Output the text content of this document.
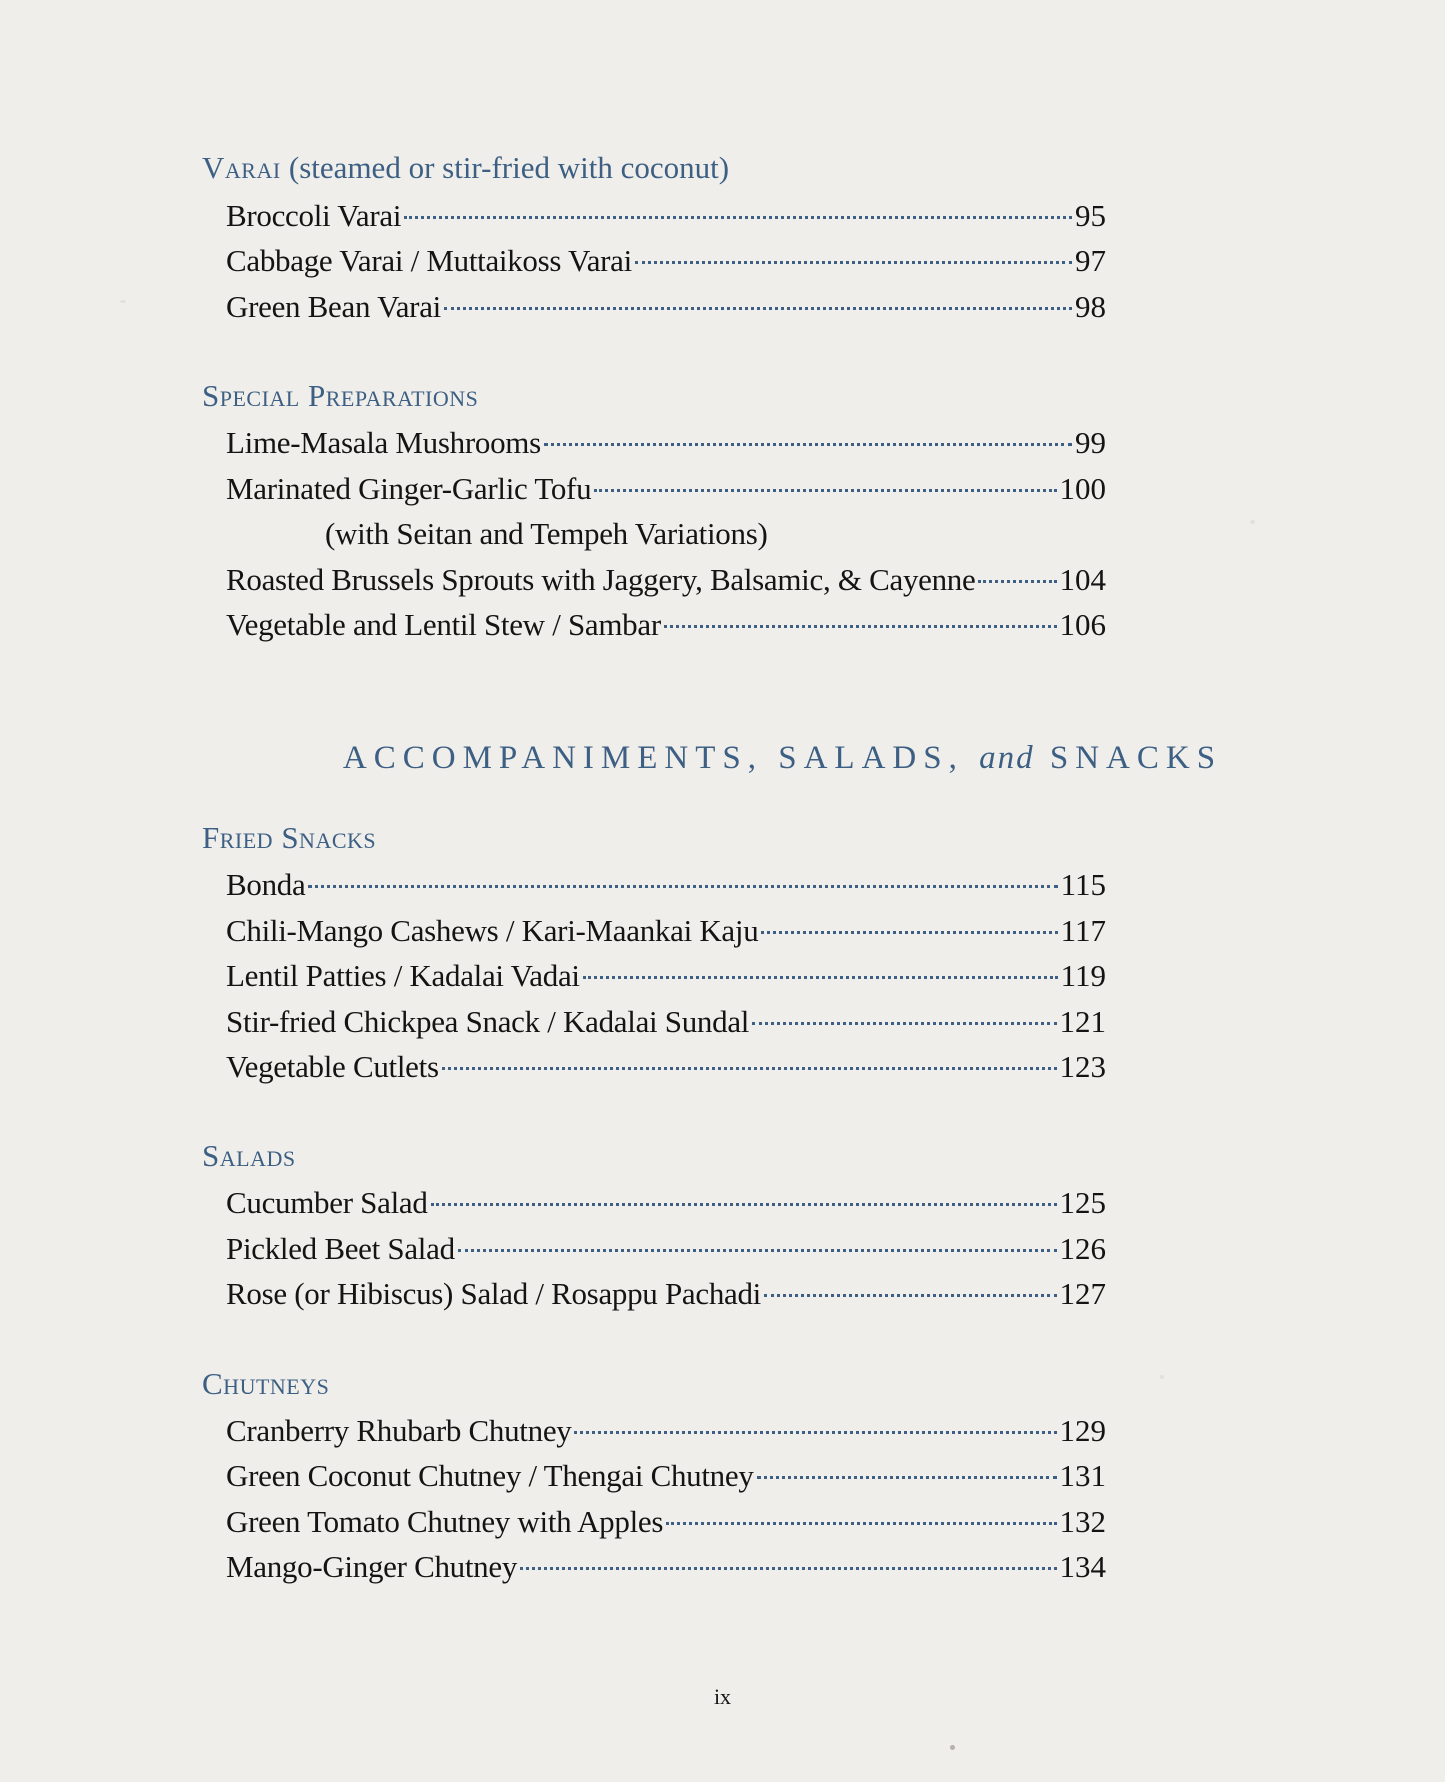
Varai (steamed or stir-fried with coconut)
Broccoli Varai	95
Cabbage Varai / Muttaikoss Varai	97
Green Bean Varai	98
Special Preparations
Lime-Masala Mushrooms	99
Marinated Ginger-Garlic Tofu	100
(with Seitan and Tempeh Variations)
Roasted Brussels Sprouts with Jaggery, Balsamic, & Cayenne	104
Vegetable and Lentil Stew / Sambar	106
ACCOMPANIMENTS, SALADS, and SNACKS
Fried Snacks
Bonda	115
Chili-Mango Cashews / Kari-Maankai Kaju	117
Lentil Patties / Kadalai Vadai	119
Stir-fried Chickpea Snack / Kadalai Sundal	121
Vegetable Cutlets	123
Salads
Cucumber Salad	125
Pickled Beet Salad	126
Rose (or Hibiscus) Salad / Rosappu Pachadi	127
Chutneys
Cranberry Rhubarb Chutney	129
Green Coconut Chutney / Thengai Chutney	131
Green Tomato Chutney with Apples	132
Mango-Ginger Chutney	134
ix
